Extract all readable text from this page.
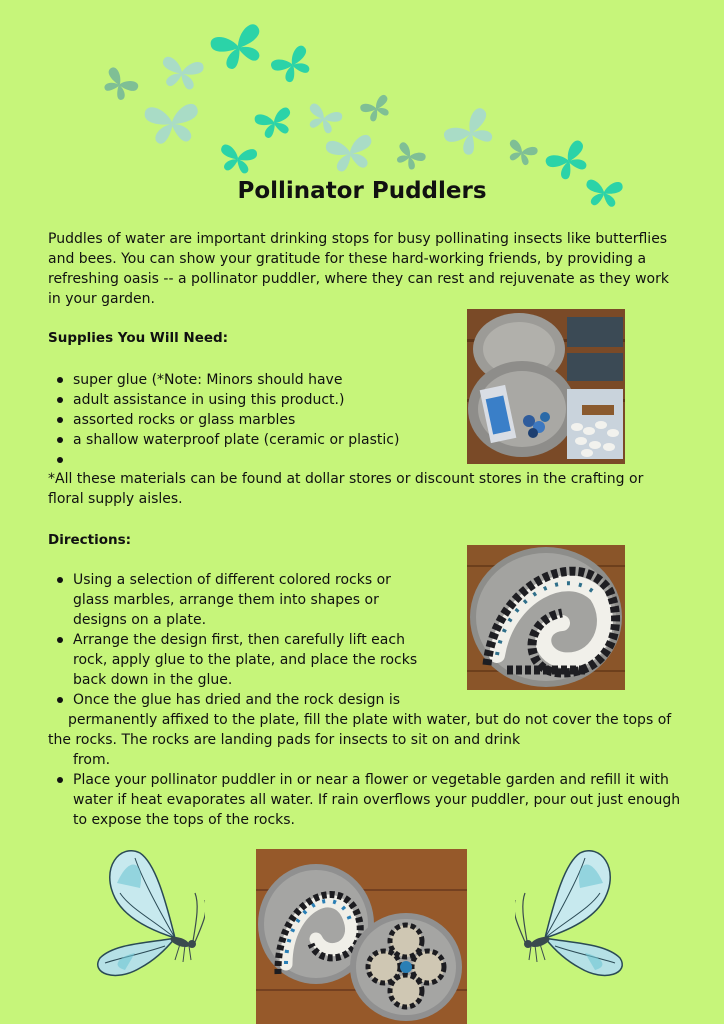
Pollinator Puddlers
Puddles of water are important drinking stops for busy pollinating insects like butterflies and bees. You can show your gratitude for these hard-working friends, by providing a refreshing oasis -- a pollinator puddler, where they can rest and rejuvenate as they work in your garden.
Supplies You Will Need:
super glue (*Note: Minors should have
adult assistance in using this product.)
assorted rocks or glass marbles
a shallow waterproof plate (ceramic or plastic)
*All these materials can be found at dollar stores or discount stores in the crafting or floral supply aisles.
Directions:
Using a selection of different colored rocks or glass marbles, arrange them into shapes or designs on a plate.
Arrange the design first, then carefully lift each rock, apply glue to the plate, and place the rocks back down in the glue.
Once the glue has dried and the rock design is
permanently affixed to the plate, fill the plate with water, but do not cover the tops of
the rocks. The rocks are landing pads for insects to sit on and drink
from.
Place your pollinator puddler in or near a flower or vegetable garden and refill it with water if heat evaporates all water. If rain overflows your puddler, pour out just enough to expose the tops of the rocks.
